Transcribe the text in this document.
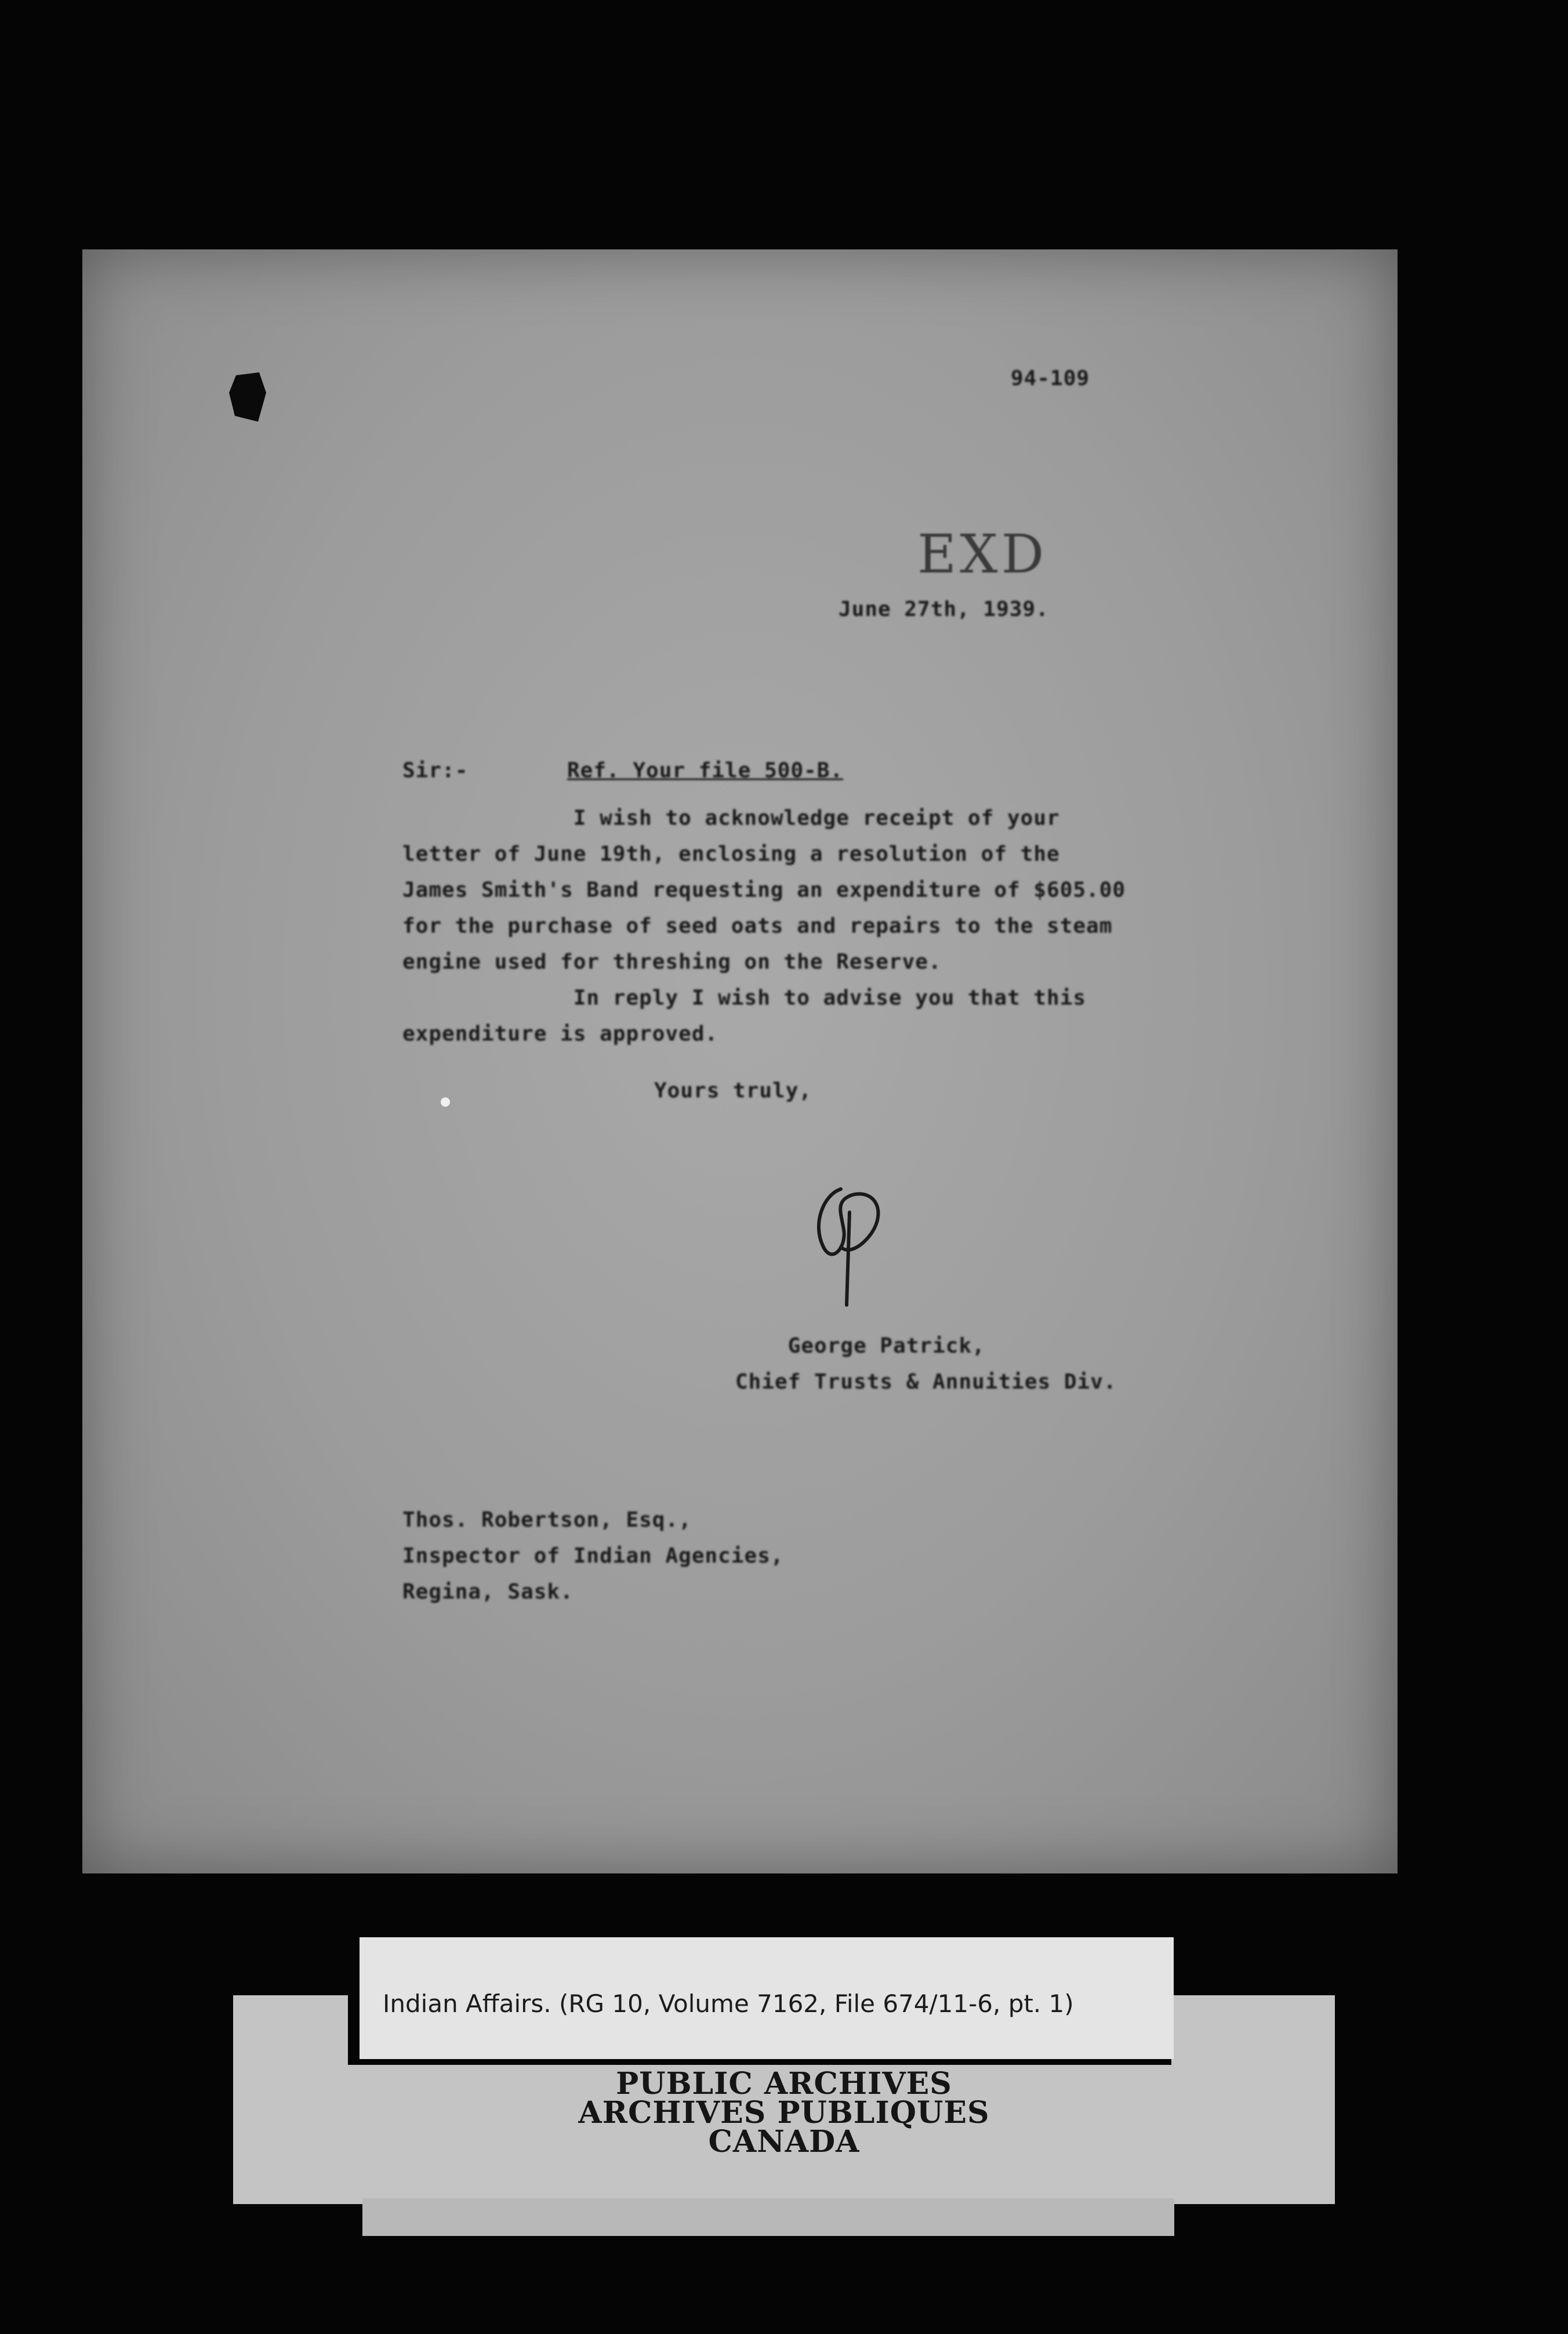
94-109
EXD
June 27th, 1939.
Sir:-	Ref. Your file 500-B.
I wish to acknowledge receipt of your
letter of June 19th, enclosing a resolution of the
James Smith's Band requesting an expenditure of $605.00
for the purchase of seed oats and repairs to the steam
engine used for threshing on the Reserve.
In reply I wish to advise you that this
expenditure is approved.
Yours truly,
George Patrick,
Chief Trusts & Annuities Div.
Thos. Robertson, Esq.,
Inspector of Indian Agencies,
Regina, Sask.
Indian Affairs. (RG 10, Volume 7162, File 674/11-6, pt. 1)
PUBLIC ARCHIVES
ARCHIVES PUBLIQUES
CANADA
